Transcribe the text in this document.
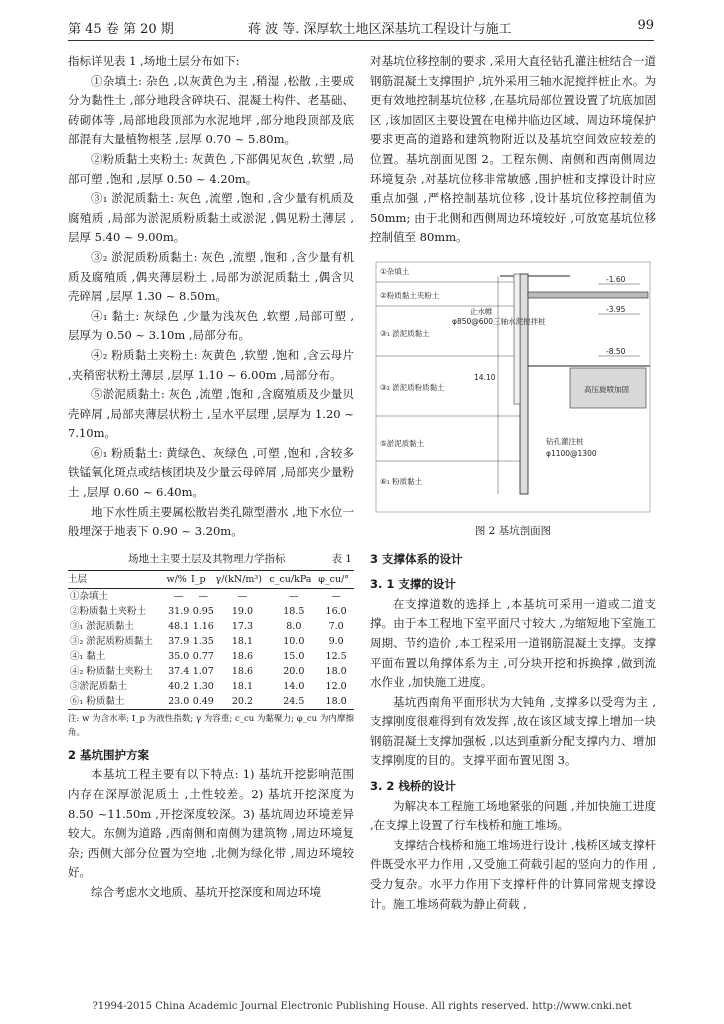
第 45 卷 第 20 期	蒋 波 等. 深厚软土地区深基坑工程设计与施工	99

指标详见表 1 ,场地土层分布如下:

①杂填土: 杂色 ,以灰黄色为主 ,稍湿 ,松散 ,主要成分为黏性土 ,部分地段含碎块石、混凝土构件、老基础、砖砌体等 ,局部地段顶部为水泥地坪 ,部分地段顶部及底部混有大量植物根茎 ,层厚 0.70 ~ 5.80m。

②粉质黏土夹粉土: 灰黄色 ,下部偶见灰色 ,软塑 ,局部可塑 ,饱和 ,层厚 0.50 ~ 4.20m。

③₁ 淤泥质黏土: 灰色 ,流塑 ,饱和 ,含少量有机质及腐殖质 ,局部为淤泥质粉质黏土或淤泥 ,偶见粉土薄层 ,层厚 5.40 ~ 9.00m。

③₂ 淤泥质粉质黏土: 灰色 ,流塑 ,饱和 ,含少量有机质及腐殖质 ,偶夹薄层粉土 ,局部为淤泥质黏土 ,偶含贝壳碎屑 ,层厚 1.30 ~ 8.50m。

④₁ 黏土: 灰绿色 ,少量为浅灰色 ,软塑 ,局部可塑 ,层厚为 0.50 ~ 3.10m ,局部分布。

④₂ 粉质黏土夹粉土: 灰黄色 ,软塑 ,饱和 ,含云母片 ,夹稍密状粉土薄层 ,层厚 1.10 ~ 6.00m ,局部分布。

⑤淤泥质黏土: 灰色 ,流塑 ,饱和 ,含腐殖质及少量贝壳碎屑 ,局部夹薄层状粉土 ,呈水平层理 ,层厚为 1.20 ~ 7.10m。

⑥₁ 粉质黏土: 黄绿色、灰绿色 ,可塑 ,饱和 ,含较多铁锰氧化斑点或结核团块及少量云母碎屑 ,局部夹少量粉土 ,层厚 0.60 ~ 6.40m。

地下水性质主要属松散岩类孔隙型潜水 ,地下水位一般埋深于地表下 0.90 ~ 3.20m。

场地土主要土层及其物理力学指标	表 1
土层	w/%	I_p	γ/(kN/m³)	c_cu/kPa	φ_cu/°
①杂填土	—	—	—	—	—
②粉质黏土夹粉土	31.9	0.95	19.0	18.5	16.0
③₁ 淤泥质黏土	48.1	1.16	17.3	8.0	7.0
③₂ 淤泥质粉质黏土	37.9	1.35	18.1	10.0	9.0
④₁ 黏土	35.0	0.77	18.6	15.0	12.5
④₂ 粉质黏土夹粉土	37.4	1.07	18.6	20.0	18.0
⑤淤泥质黏土	40.2	1.30	18.1	14.0	12.0
⑥₁ 粉质黏土	23.0	0.49	20.2	24.5	18.0

注: w 为含水率; I_p 为液性指数; γ 为容重; c_cu 为黏聚力; φ_cu 为内摩擦角。

2 基坑围护方案

本基坑工程主要有以下特点: 1) 基坑开挖影响范围内存在深厚淤泥质土 ,土性较差。2) 基坑开挖深度为 8.50 ~11.50m ,开挖深度较深。3) 基坑周边环境差异较大。东侧为道路 ,西南侧和南侧为建筑物 ,周边环境复杂; 西侧大部分位置为空地 ,北侧为绿化带 ,周边环境较好。

综合考虑水文地质、基坑开挖深度和周边环境

对基坑位移控制的要求 ,采用大直径钻孔灌注桩结合一道钢筋混凝土支撑围护 ,坑外采用三轴水泥搅拌桩止水。为更有效地控制基坑位移 ,在基坑局部位置设置了坑底加固区 ,该加固区主要设置在电梯井临边区域、周边环境保护要求更高的道路和建筑物附近以及基坑空间效应较差的位置。基坑剖面见图 2。工程东侧、南侧和西南侧周边环境复杂 ,对基坑位移非常敏感 ,围护桩和支撑设计时应重点加强 ,严格控制基坑位移 ,设计基坑位移控制值为 50mm; 由于北侧和西侧周边环境较好 ,可放宽基坑位移控制值至 80mm。

①杂填土
②粉质黏土夹粉土
③₁ 淤泥质黏土
③₂ 淤泥质粉质黏土
⑤淤泥质黏土
⑥₁ 粉质黏土
止水帷
φ850@600三轴水泥搅拌桩
-1.60
-3.95
-8.50
14.10
高压旋喷加固
钻孔灌注桩
φ1100@1300

图 2 基坑剖面图

3 支撑体系的设计

3. 1 支撑的设计

在支撑道数的选择上 ,本基坑可采用一道或二道支撑。由于本工程地下室平面尺寸较大 ,为缩短地下室施工周期、节约造价 ,本工程采用一道钢筋混凝土支撑。支撑平面布置以角撑体系为主 ,可分块开挖和拆换撑 ,做到流水作业 ,加快施工进度。

基坑西南角平面形状为大钝角 ,支撑多以受弯为主 ,支撑刚度很难得到有效发挥 ,故在该区域支撑上增加一块钢筋混凝土支撑加强板 ,以达到重新分配支撑内力、增加支撑刚度的目的。支撑平面布置见图 3。

3. 2 栈桥的设计

为解决本工程施工场地紧张的问题 ,并加快施工进度 ,在支撑上设置了行车栈桥和施工堆场。

支撑结合栈桥和施工堆场进行设计 ,栈桥区域支撑杆件既受水平力作用 ,又受施工荷载引起的竖向力的作用 ,受力复杂。水平力作用下支撑杆件的计算同常规支撑设计。施工堆场荷载为静止荷载 ,

?1994-2015 China Academic Journal Electronic Publishing House. All rights reserved. http://www.cnki.net
